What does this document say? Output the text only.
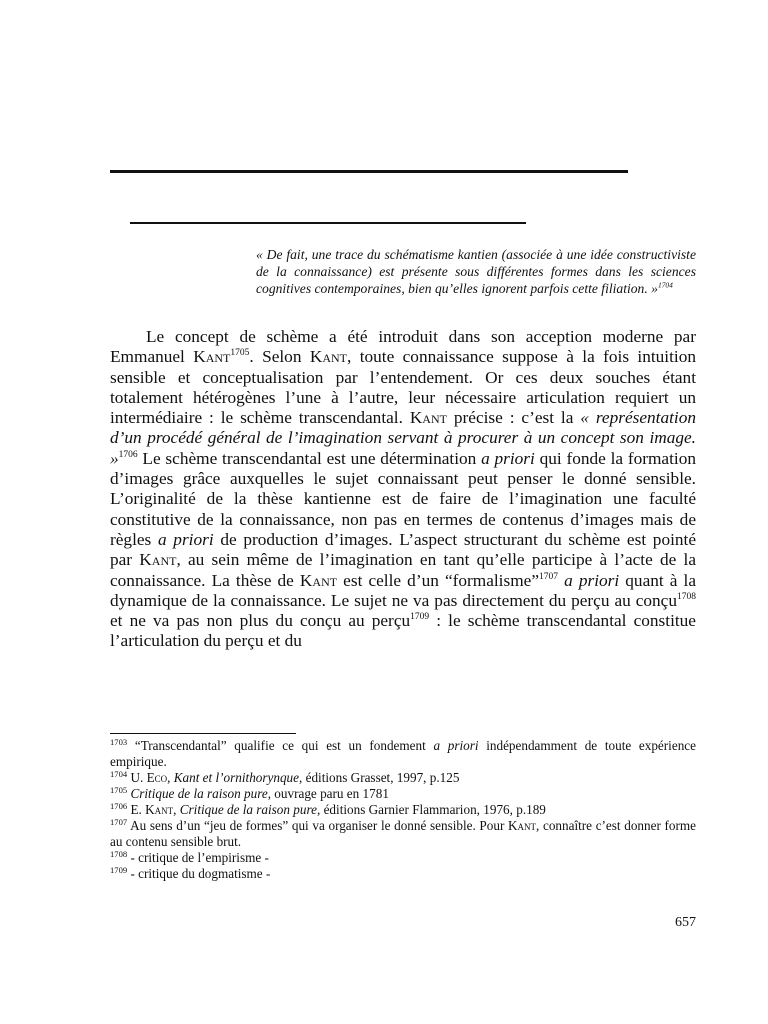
« De fait, une trace du schématisme kantien (associée à une idée constructiviste de la connaissance) est présente sous différentes formes dans les sciences cognitives contemporaines, bien qu’elles ignorent parfois cette filiation. »$^{1704}$

Le concept de schème a été introduit dans son acception moderne par Emmanuel Kant$^{1705}$. Selon Kant, toute connaissance suppose à la fois intuition sensible et conceptualisation par l’entendement. Or ces deux souches étant totalement hétérogènes l’une à l’autre, leur nécessaire articulation requiert un intermédiaire : le schème transcendantal. Kant précise : c’est la « représentation d’un procédé général de l’imagination servant à procurer à un concept son image. »$^{1706}$ Le schème transcendantal est une détermination a priori qui fonde la formation d’images grâce auxquelles le sujet connaissant peut penser le donné sensible. L’originalité de la thèse kantienne est de faire de l’imagination une faculté constitutive de la connaissance, non pas en termes de contenus d’images mais de règles a priori de production d’images. L’aspect structurant du schème est pointé par Kant, au sein même de l’imagination en tant qu’elle participe à l’acte de la connaissance. La thèse de Kant est celle d’un “formalisme”$^{1707}$ a priori quant à la dynamique de la connaissance. Le sujet ne va pas directement du perçu au conçu$^{1708}$ et ne va pas non plus du conçu au perçu$^{1709}$ : le schème transcendantal constitue l’articulation du perçu et du

$^{1703}$ “Transcendantal” qualifie ce qui est un fondement a priori indépendamment de toute expérience empirique.

$^{1704}$ U. Eco, Kant et l’ornithorynque, éditions Grasset, 1997, p.125

$^{1705}$ Critique de la raison pure, ouvrage paru en 1781

$^{1706}$ E. Kant, Critique de la raison pure, éditions Garnier Flammarion, 1976, p.189

$^{1707}$ Au sens d’un “jeu de formes” qui va organiser le donné sensible. Pour Kant, connaître c’est donner forme au contenu sensible brut.

$^{1708}$ - critique de l’empirisme -

$^{1709}$ - critique du dogmatisme -

657
